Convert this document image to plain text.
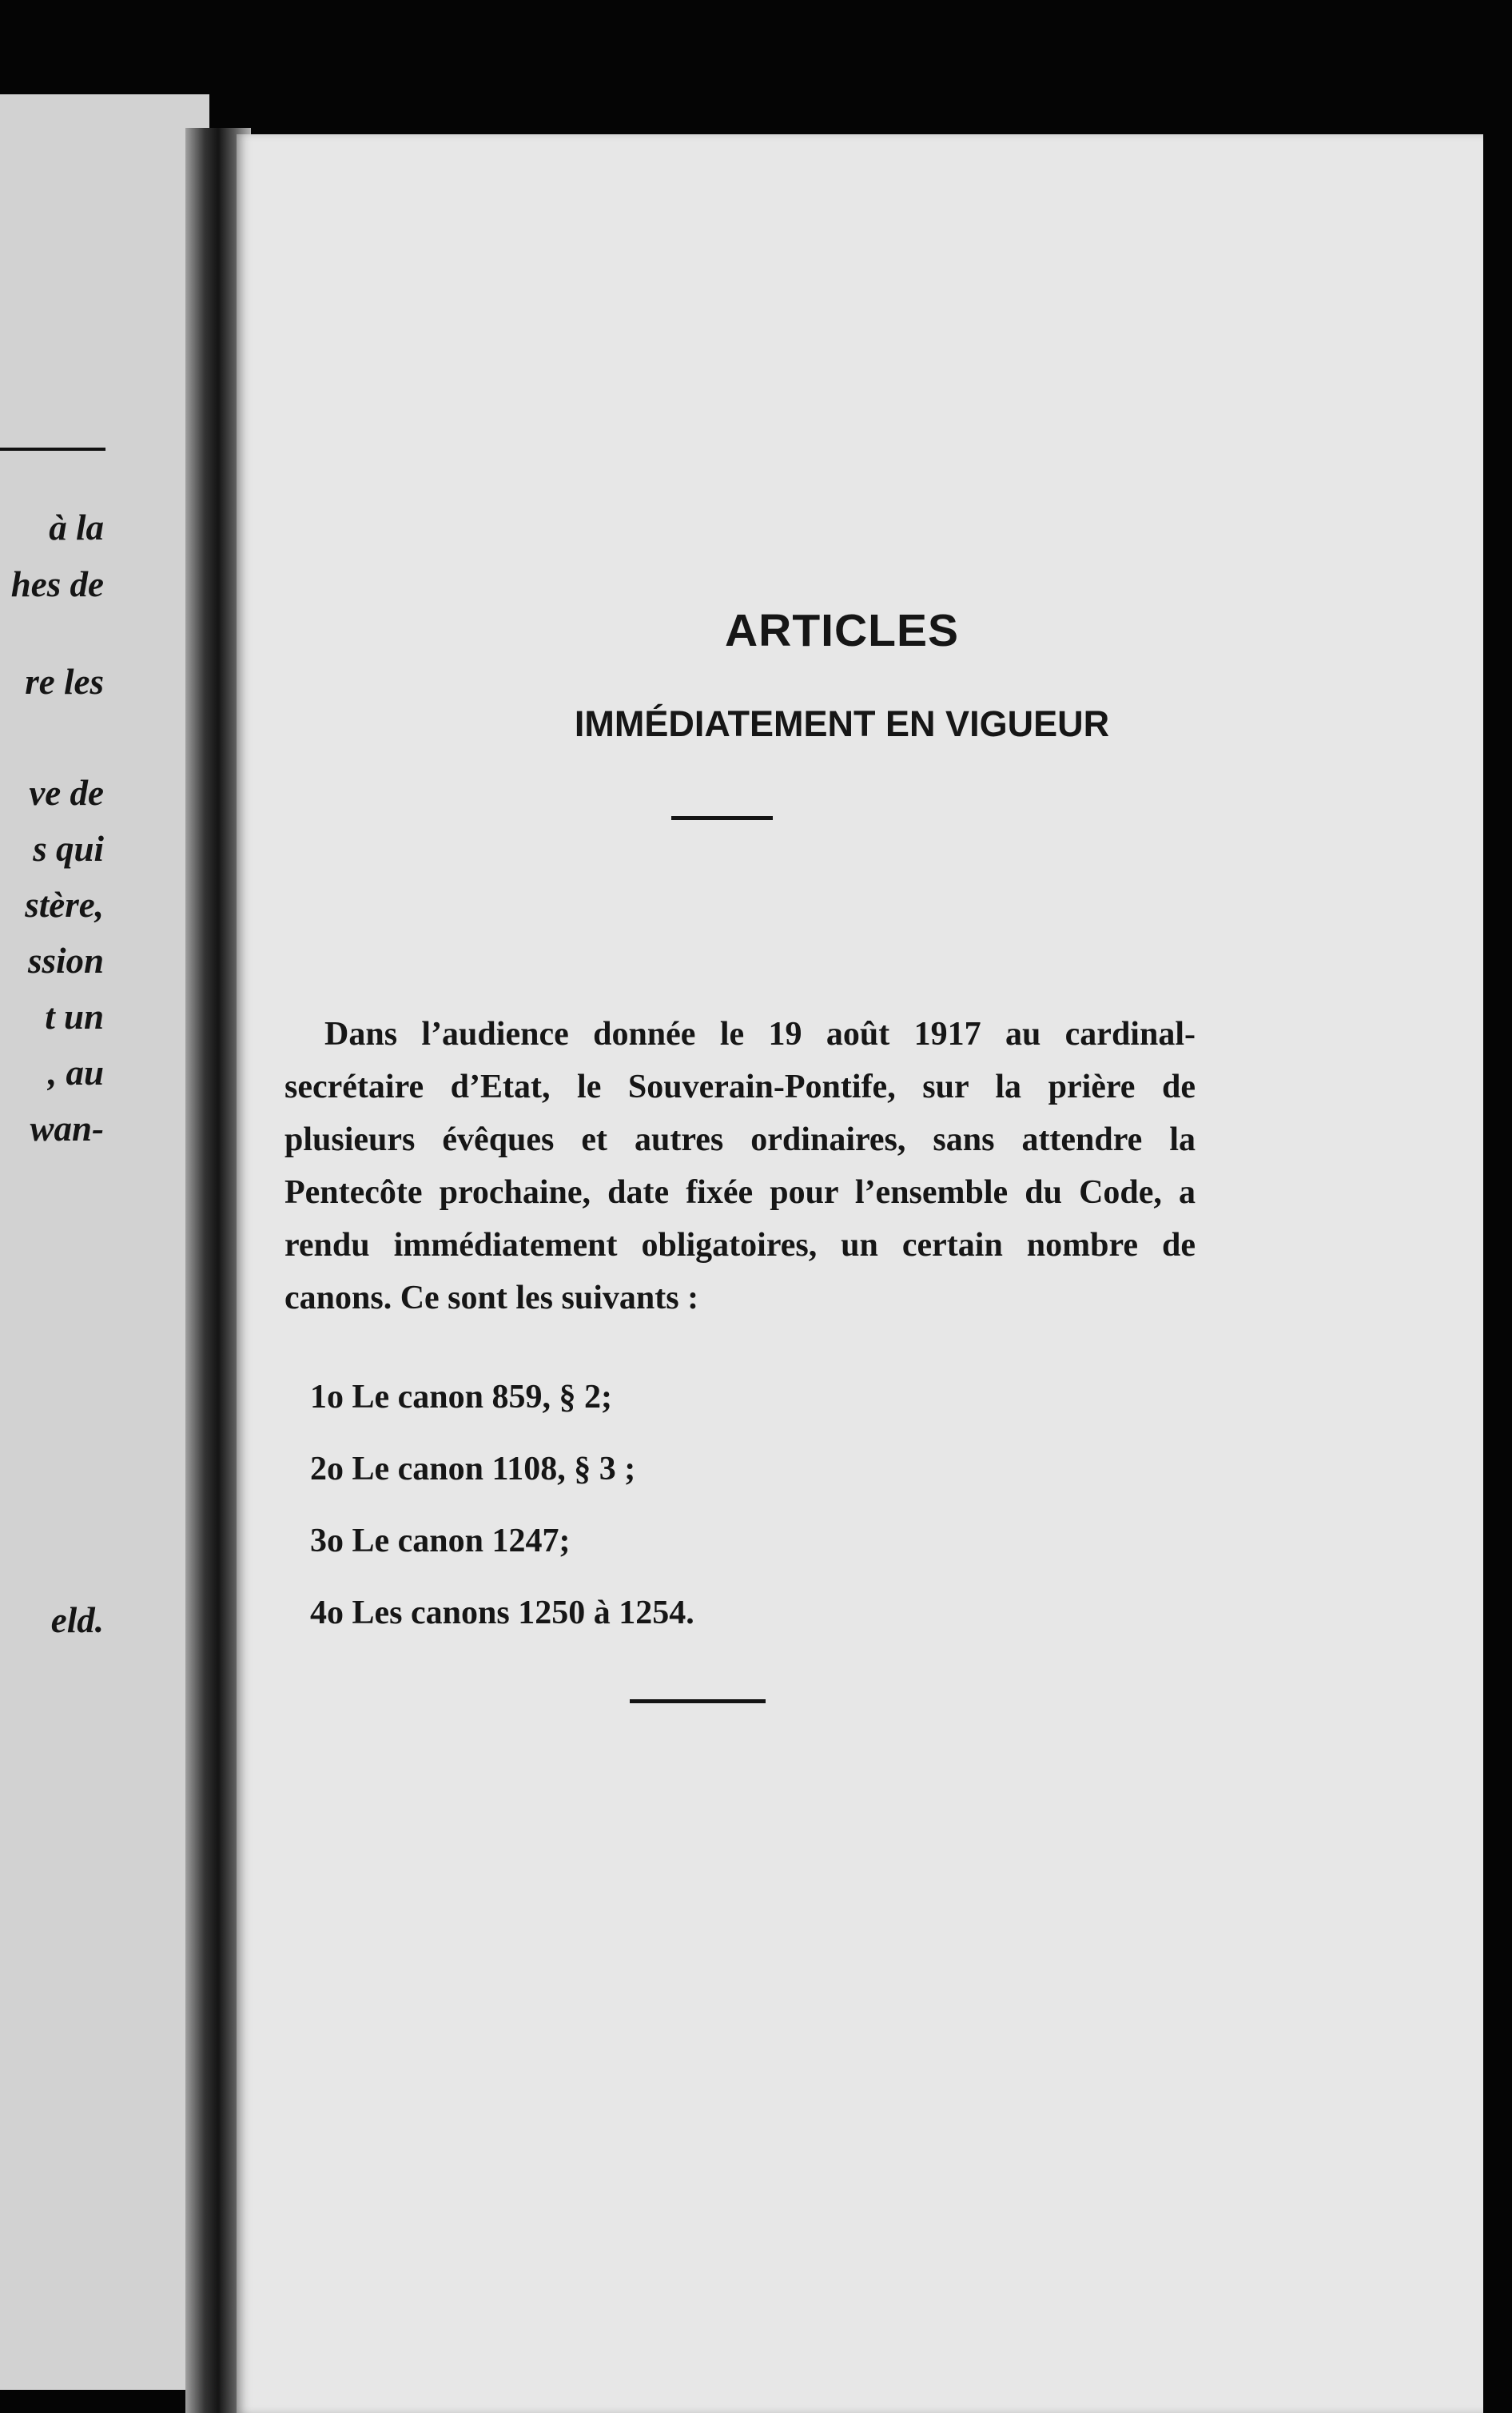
à la

hes de

re les

ve de

s qui

stère,

ssion

t un

, au

wan-

eld.

ARTICLES
IMMÉDIATEMENT EN VIGUEUR

Dans l’audience donnée le 19 août 1917 au cardinal-secrétaire d’Etat, le Souverain-Pontife, sur la prière de plusieurs évêques et autres ordinaires, sans attendre la Pentecôte prochaine, date fixée pour l’ensemble du Code, a rendu immédiatement obligatoires, un certain nombre de canons. Ce sont les suivants :

1o Le canon 859, § 2;
2o Le canon 1108, § 3 ;
3o Le canon 1247;
4o Les canons 1250 à 1254.
